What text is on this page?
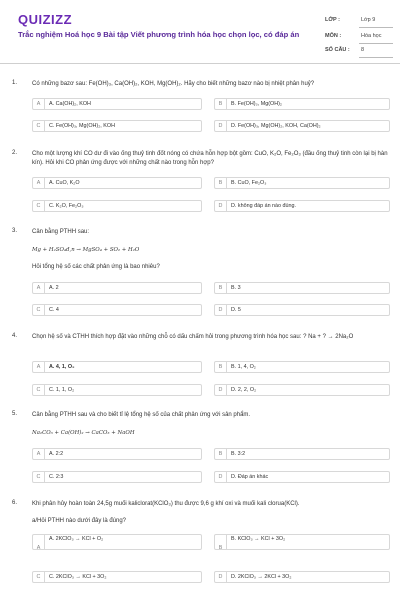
QUIZIZZ
Trắc nghiệm Hoá học 9 Bài tập Viết phương trình hóa học chọn lọc, có đáp án
LỚP :	Lớp 9
MÔN :	Hóa học
SỐ CÂU : 8
1. Có những bazơ sau: Fe(OH)₃, Ca(OH)₂, KOH, Mg(OH)₂. Hãy cho biết những bazơ nào bị nhiệt phân huỷ?
A	A. Ca(OH)₂, KOH	B	B. Fe(OH)₃, Mg(OH)₂
C	C. Fe(OH)₃, Mg(OH)₂, KOH	D	D. Fe(OH)₃, Mg(OH)₂, KOH, Ca(OH)₂
2. Cho một lượng khí CO dư đi vào ống thuỷ tinh đốt nóng có chứa hỗn hợp bột gồm: CuO, K₂O, Fe₂O₃ (đầu ống thuỷ tinh còn lại bị hàn kín). Hỏi khi CO phản ứng được với những chất nào trong hỗn hợp?
A	A. CuO, K₂O	B	B. CuO, Fe₂O₃
C	C. K₂O, Fe₂O₃	D	D. không đáp án nào đúng.
3. Cân bằng PTHH sau:
Mg + H₂SO₄đ,n → MgSO₄ + SO₂ + H₂O
Hỏi tổng hệ số các chất phản ứng là bao nhiêu?
A	A. 2	B	B. 3
C	C. 4	D	D. 5
4. Chọn hệ số và CTHH thích hợp đặt vào những chỗ có dấu chấm hỏi trong phương trình hóa học sau: ? Na + ? → 2Na₂O
A	A. 4, 1, O₂	B	B. 1, 4, O₂
C	C. 1, 1, O₂	D	D. 2, 2, O₂
5. Cân bằng PTHH sau và cho biết tỉ lệ tổng hệ số của chất phản ứng với sản phẩm.
Na₂CO₃ + Ca(OH)₂ → CaCO₃ + NaOH
A	A. 2:2	B	B. 3:2
C	C. 2:3	D	D. Đáp án khác
6. Khi phân hủy hoàn toàn 24,5g muối kaliclorat(KClO₃) thu được 9,6 g khí oxi và muối kali clorua(KCl).
a/Hỏi PTHH nào dưới đây là đúng?
A
A. 2KClO₃ → KCl + O₂
B
B. KClO₃ → KCl + 3O₂
C	C. 2KClO₃ → KCl + 3O₂	D	D. 2KClO₃ → 2KCl + 3O₂
